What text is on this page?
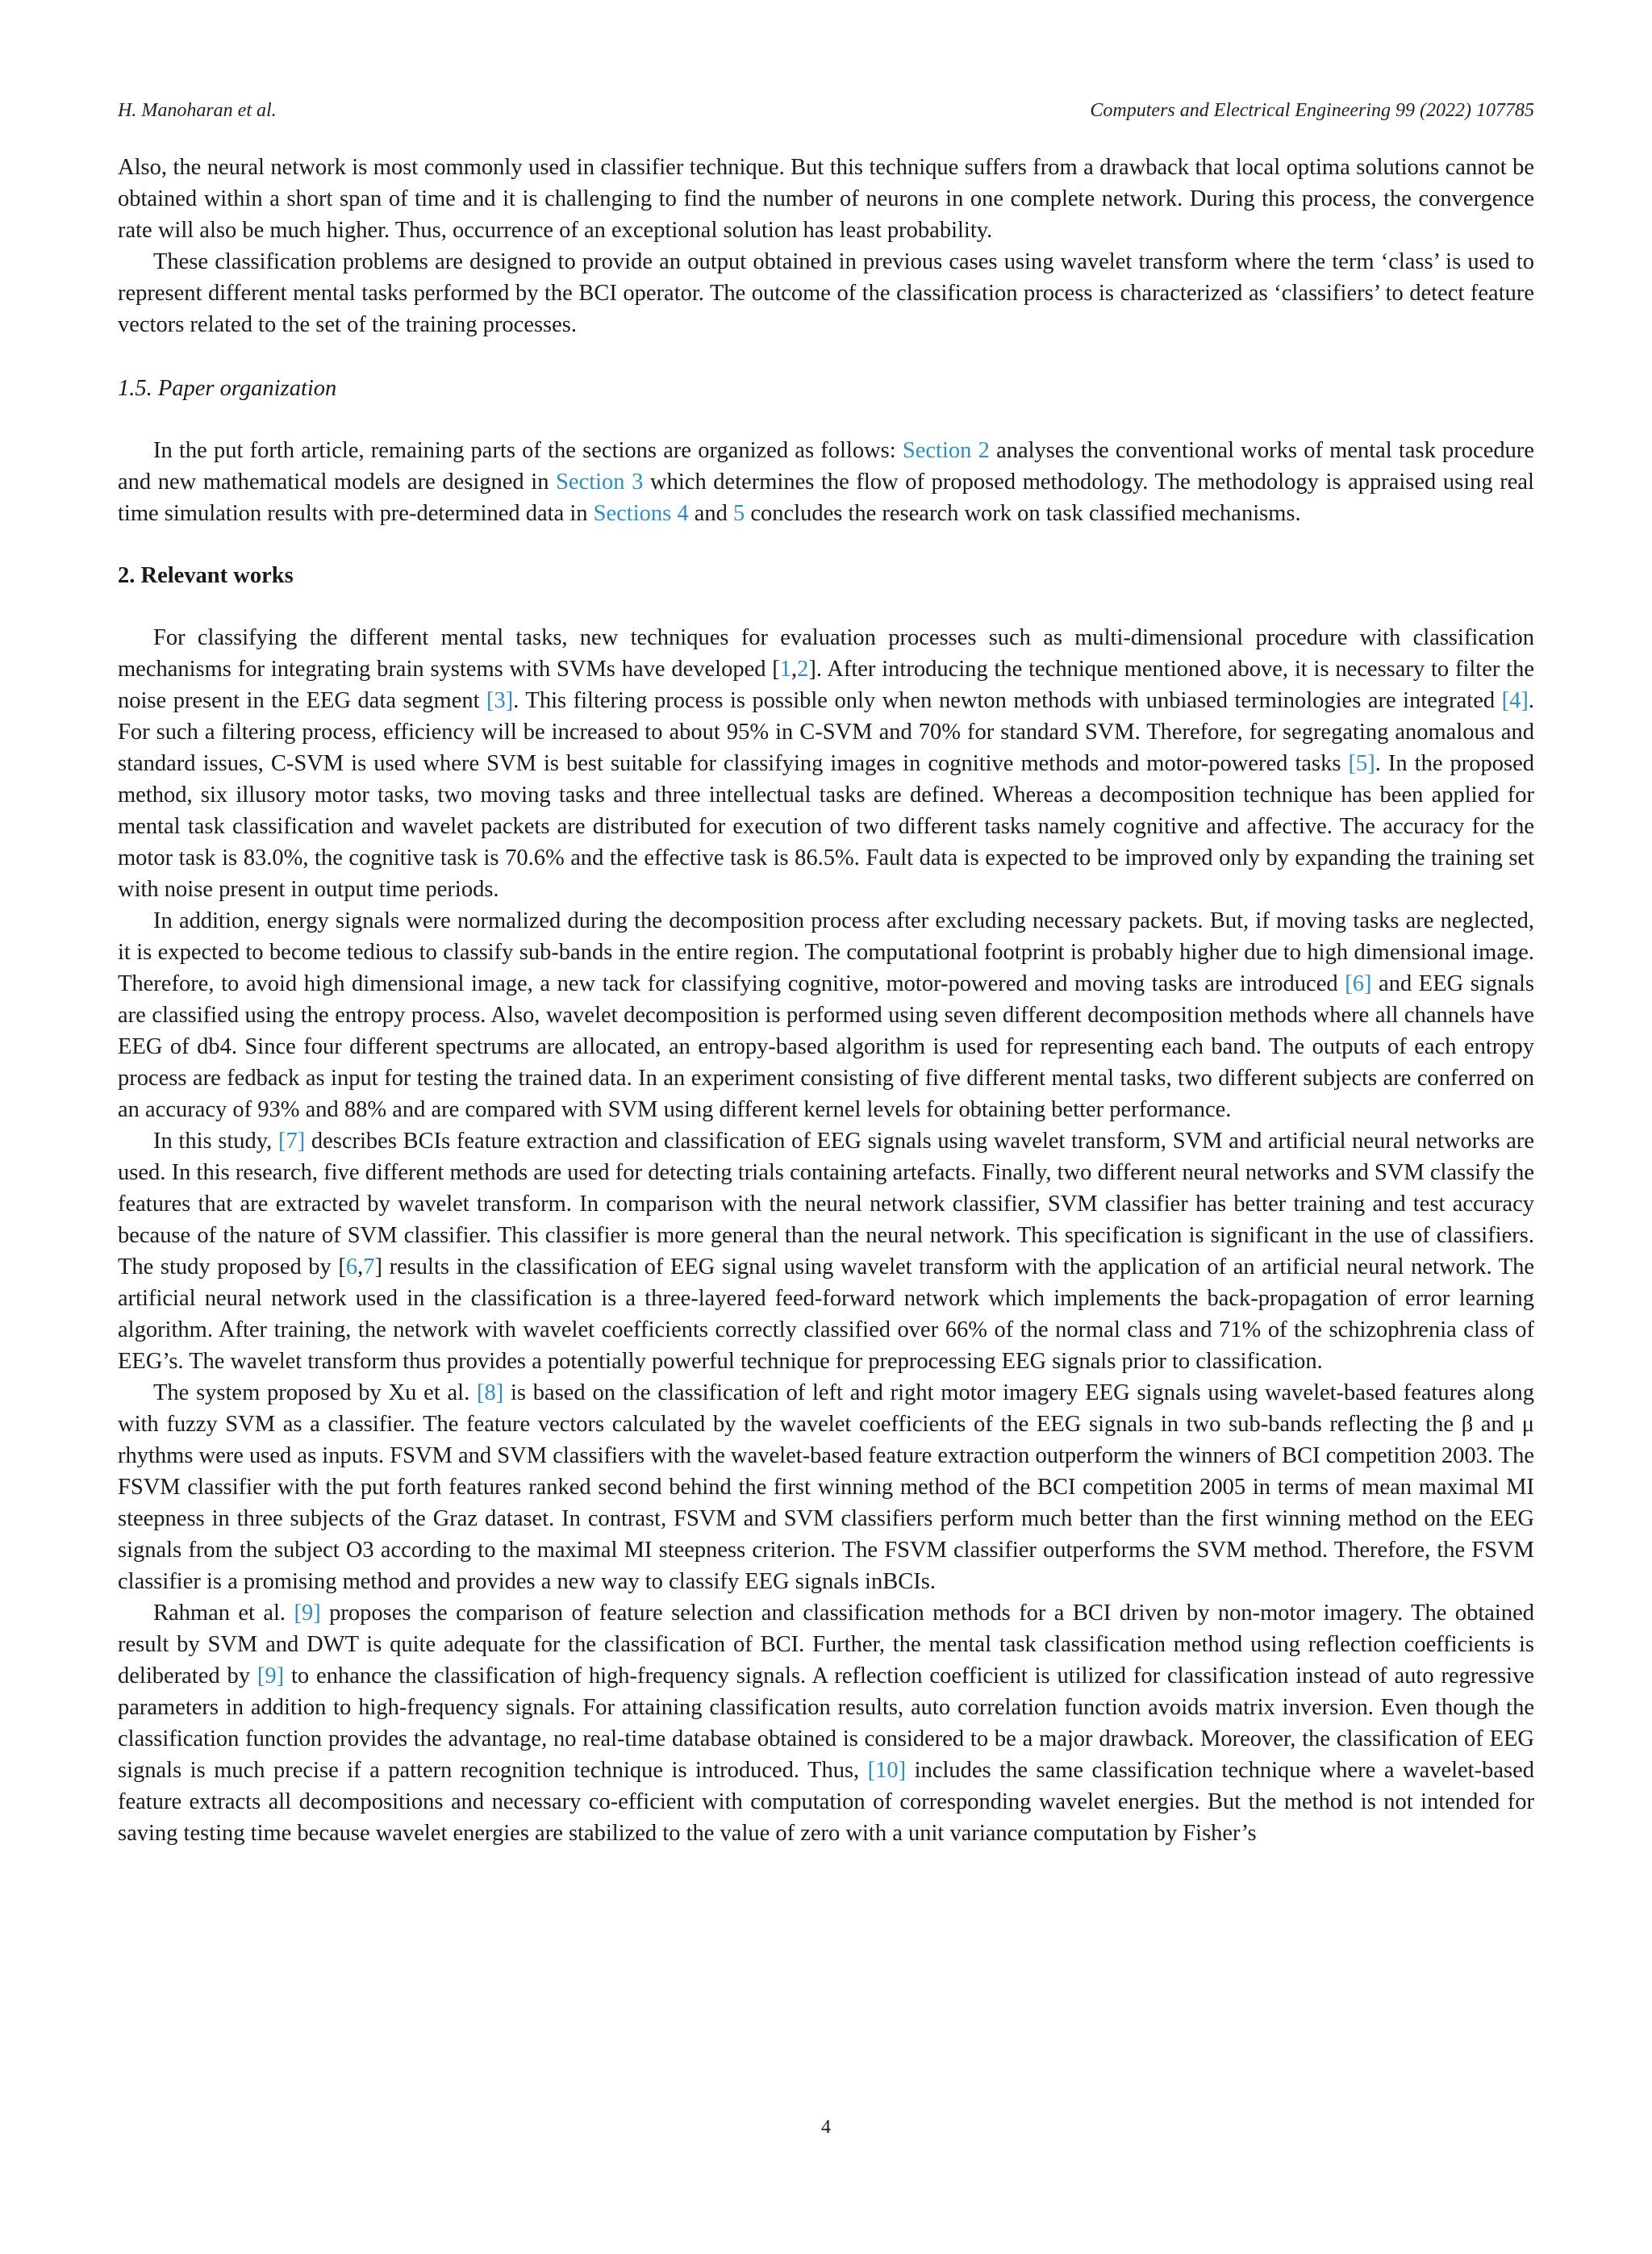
H. Manoharan et al.	Computers and Electrical Engineering 99 (2022) 107785

Also, the neural network is most commonly used in classifier technique. But this technique suffers from a drawback that local optima solutions cannot be obtained within a short span of time and it is challenging to find the number of neurons in one complete network. During this process, the convergence rate will also be much higher. Thus, occurrence of an exceptional solution has least probability.

These classification problems are designed to provide an output obtained in previous cases using wavelet transform where the term ‘class’ is used to represent different mental tasks performed by the BCI operator. The outcome of the classification process is characterized as ‘classifiers’ to detect feature vectors related to the set of the training processes.

1.5. Paper organization

In the put forth article, remaining parts of the sections are organized as follows: Section 2 analyses the conventional works of mental task procedure and new mathematical models are designed in Section 3 which determines the flow of proposed methodology. The methodology is appraised using real time simulation results with pre-determined data in Sections 4 and 5 concludes the research work on task classified mechanisms.

2. Relevant works

For classifying the different mental tasks, new techniques for evaluation processes such as multi-dimensional procedure with classification mechanisms for integrating brain systems with SVMs have developed [1,2]. After introducing the technique mentioned above, it is necessary to filter the noise present in the EEG data segment [3]. This filtering process is possible only when newton methods with unbiased terminologies are integrated [4]. For such a filtering process, efficiency will be increased to about 95% in C-SVM and 70% for standard SVM. Therefore, for segregating anomalous and standard issues, C-SVM is used where SVM is best suitable for classifying images in cognitive methods and motor-powered tasks [5]. In the proposed method, six illusory motor tasks, two moving tasks and three intellectual tasks are defined. Whereas a decomposition technique has been applied for mental task classification and wavelet packets are distributed for execution of two different tasks namely cognitive and affective. The accuracy for the motor task is 83.0%, the cognitive task is 70.6% and the effective task is 86.5%. Fault data is expected to be improved only by expanding the training set with noise present in output time periods.

In addition, energy signals were normalized during the decomposition process after excluding necessary packets. But, if moving tasks are neglected, it is expected to become tedious to classify sub-bands in the entire region. The computational footprint is probably higher due to high dimensional image. Therefore, to avoid high dimensional image, a new tack for classifying cognitive, motor-powered and moving tasks are introduced [6] and EEG signals are classified using the entropy process. Also, wavelet decomposition is performed using seven different decomposition methods where all channels have EEG of db4. Since four different spectrums are allocated, an entropy-based algorithm is used for representing each band. The outputs of each entropy process are fedback as input for testing the trained data. In an experiment consisting of five different mental tasks, two different subjects are conferred on an accuracy of 93% and 88% and are compared with SVM using different kernel levels for obtaining better performance.

In this study, [7] describes BCIs feature extraction and classification of EEG signals using wavelet transform, SVM and artificial neural networks are used. In this research, five different methods are used for detecting trials containing artefacts. Finally, two different neural networks and SVM classify the features that are extracted by wavelet transform. In comparison with the neural network classifier, SVM classifier has better training and test accuracy because of the nature of SVM classifier. This classifier is more general than the neural network. This specification is significant in the use of classifiers. The study proposed by [6,7] results in the classification of EEG signal using wavelet transform with the application of an artificial neural network. The artificial neural network used in the classification is a three-layered feed-forward network which implements the back-propagation of error learning algorithm. After training, the network with wavelet coefficients correctly classified over 66% of the normal class and 71% of the schizophrenia class of EEG’s. The wavelet transform thus provides a potentially powerful technique for preprocessing EEG signals prior to classification.

The system proposed by Xu et al. [8] is based on the classification of left and right motor imagery EEG signals using wavelet-based features along with fuzzy SVM as a classifier. The feature vectors calculated by the wavelet coefficients of the EEG signals in two sub-bands reflecting the β and μ rhythms were used as inputs. FSVM and SVM classifiers with the wavelet-based feature extraction outperform the winners of BCI competition 2003. The FSVM classifier with the put forth features ranked second behind the first winning method of the BCI competition 2005 in terms of mean maximal MI steepness in three subjects of the Graz dataset. In contrast, FSVM and SVM classifiers perform much better than the first winning method on the EEG signals from the subject O3 according to the maximal MI steepness criterion. The FSVM classifier outperforms the SVM method. Therefore, the FSVM classifier is a promising method and provides a new way to classify EEG signals inBCIs.

Rahman et al. [9] proposes the comparison of feature selection and classification methods for a BCI driven by non-motor imagery. The obtained result by SVM and DWT is quite adequate for the classification of BCI. Further, the mental task classification method using reflection coefficients is deliberated by [9] to enhance the classification of high-frequency signals. A reflection coefficient is utilized for classification instead of auto regressive parameters in addition to high-frequency signals. For attaining classification results, auto correlation function avoids matrix inversion. Even though the classification function provides the advantage, no real-time database obtained is considered to be a major drawback. Moreover, the classification of EEG signals is much precise if a pattern recognition technique is introduced. Thus, [10] includes the same classification technique where a wavelet-based feature extracts all decompositions and necessary co-efficient with computation of corresponding wavelet energies. But the method is not intended for saving testing time because wavelet energies are stabilized to the value of zero with a unit variance computation by Fisher’s

4
